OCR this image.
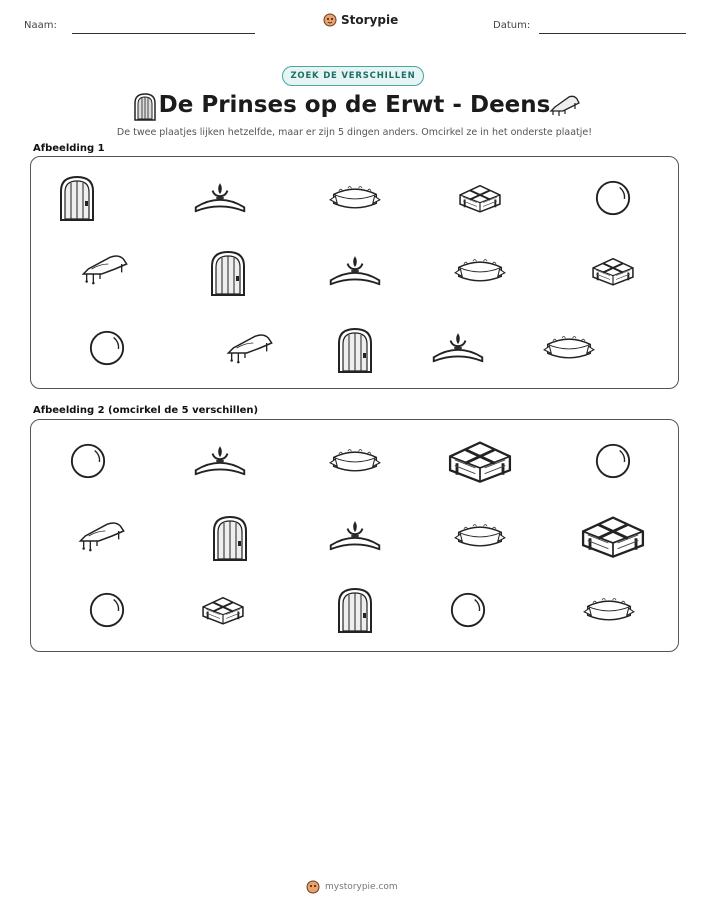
Naam:	Storypie	Datum:
ZOEK DE VERSCHILLEN
De Prinses op de Erwt - Deens
De twee plaatjes lijken hetzelfde, maar er zijn 5 dingen anders. Omcirkel ze in het onderste plaatje!
Afbeelding 1
Afbeelding 2 (omcirkel de 5 verschillen)
mystorypie.com
